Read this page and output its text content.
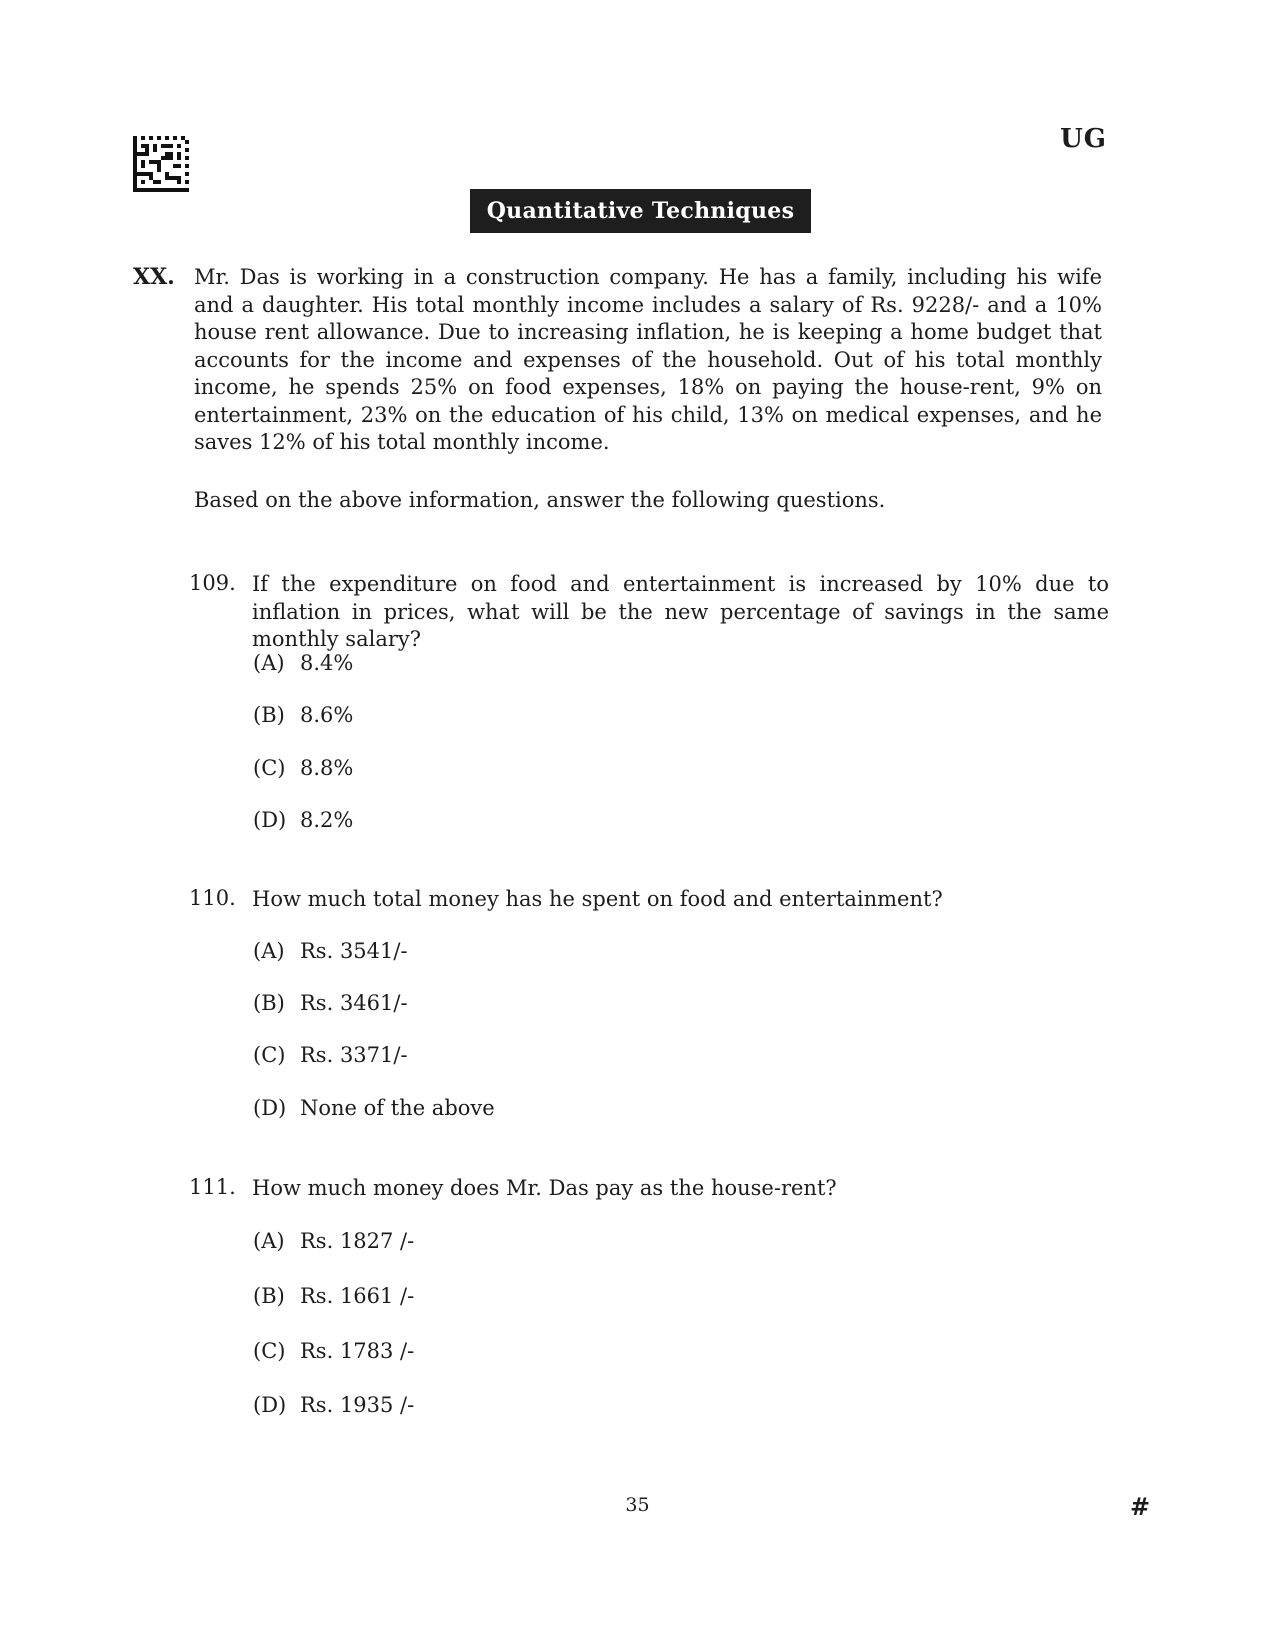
UG
Quantitative Techniques
XX. Mr. Das is working in a construction company. He has a family, including his wife and a daughter. His total monthly income includes a salary of Rs. 9228/- and a 10% house rent allowance. Due to increasing inflation, he is keeping a home budget that accounts for the income and expenses of the household. Out of his total monthly income, he spends 25% on food expenses, 18% on paying the house-rent, 9% on entertainment, 23% on the education of his child, 13% on medical expenses, and he saves 12% of his total monthly income.
Based on the above information, answer the following questions.
109. If the expenditure on food and entertainment is increased by 10% due to inflation in prices, what will be the new percentage of savings in the same monthly salary?
(A) 8.4%
(B) 8.6%
(C) 8.8%
(D) 8.2%
110. How much total money has he spent on food and entertainment?
(A) Rs. 3541/-
(B) Rs. 3461/-
(C) Rs. 3371/-
(D) None of the above
111. How much money does Mr. Das pay as the house-rent?
(A) Rs. 1827 /-
(B) Rs. 1661 /-
(C) Rs. 1783 /-
(D) Rs. 1935 /-
35	#
